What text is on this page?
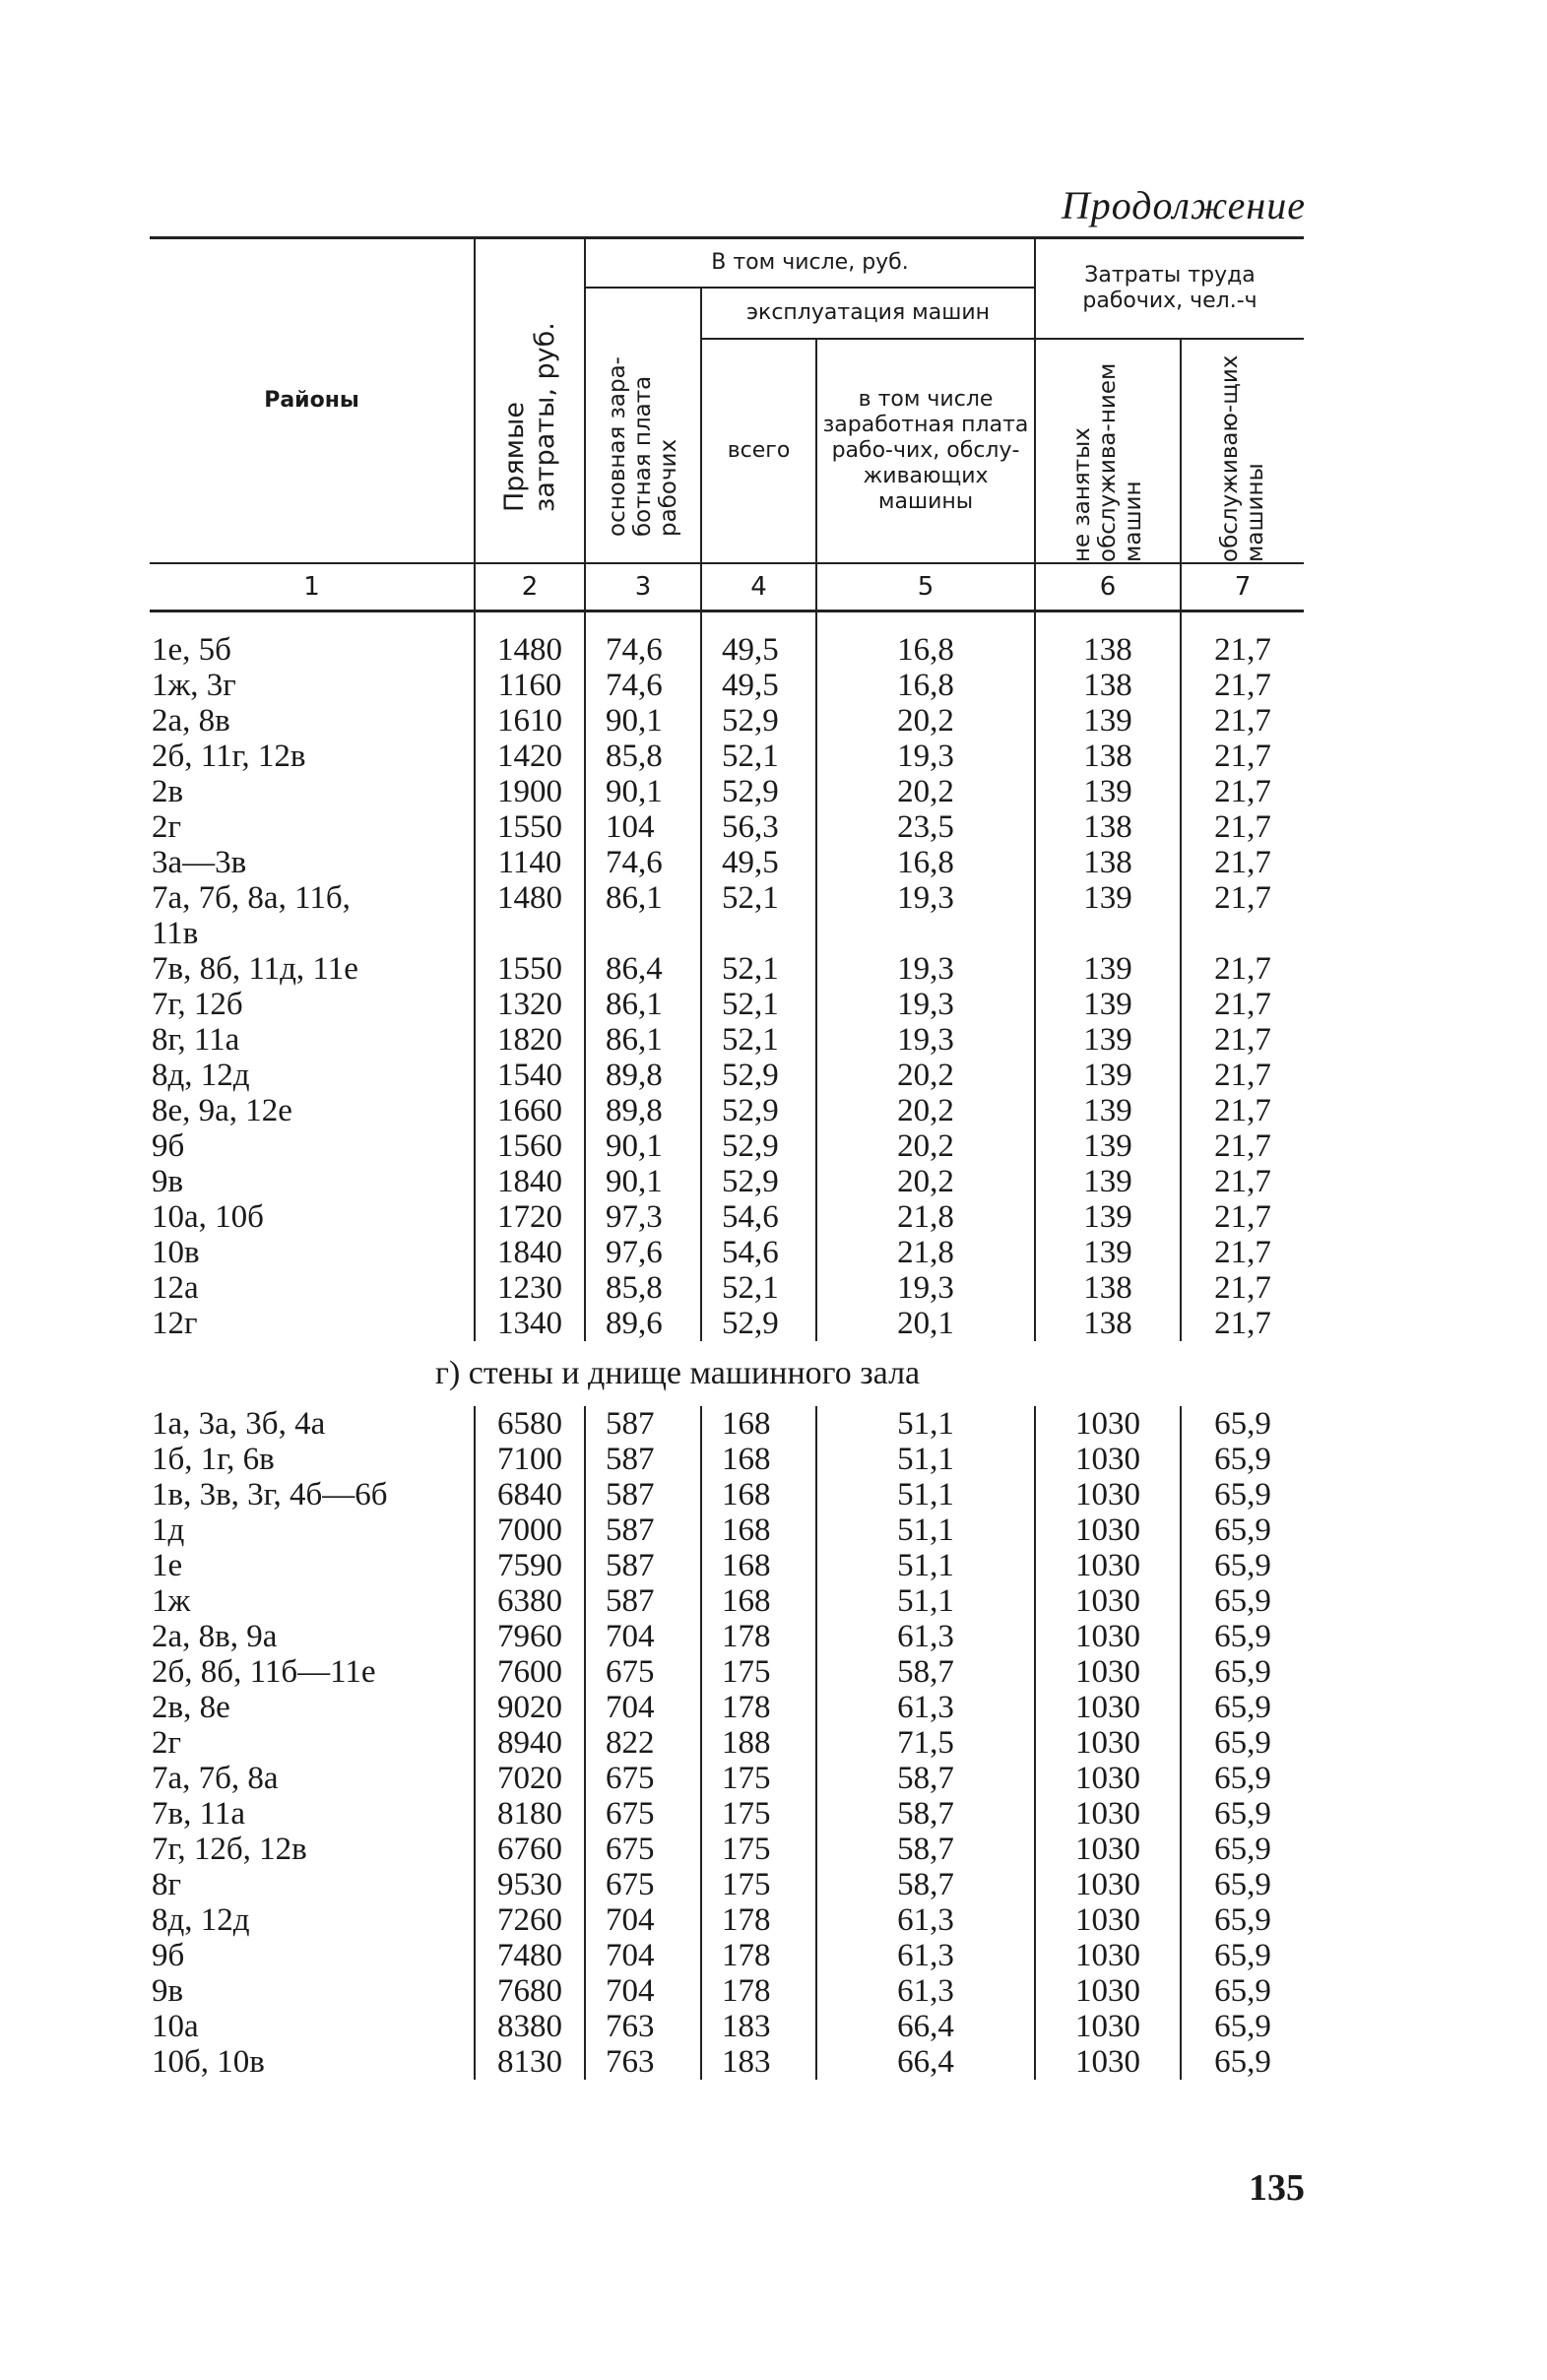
Продолжение
Районы	Прямые затраты, руб.	В том числе, руб.			Затраты труда рабочих, чел.-ч	

		основная зара-ботная плата рабочих	эксплуатация машин			
			всего	в том числе заработная плата рабо-чих, обслу-живающих машины	не занятых обслужива-нием машин	обслуживаю-щих машины

1	2	3	4	5	6	7

1е, 5б	1480	74,6	49,5	16,8	138	21,7
1ж, 3г	1160	74,6	49,5	16,8	138	21,7
2а, 8в	1610	90,1	52,9	20,2	139	21,7
2б, 11г, 12в	1420	85,8	52,1	19,3	138	21,7
2в	1900	90,1	52,9	20,2	139	21,7
2г	1550	104	56,3	23,5	138	21,7
3а—3в	1140	74,6	49,5	16,8	138	21,7
7а, 7б, 8а, 11б,	1480	86,1	52,1	19,3	139	21,7
11в						
7в, 8б, 11д, 11е	1550	86,4	52,1	19,3	139	21,7
7г, 12б	1320	86,1	52,1	19,3	139	21,7
8г, 11а	1820	86,1	52,1	19,3	139	21,7
8д, 12д	1540	89,8	52,9	20,2	139	21,7
8е, 9а, 12е	1660	89,8	52,9	20,2	139	21,7
9б	1560	90,1	52,9	20,2	139	21,7
9в	1840	90,1	52,9	20,2	139	21,7
10а, 10б	1720	97,3	54,6	21,8	139	21,7
10в	1840	97,6	54,6	21,8	139	21,7
12а	1230	85,8	52,1	19,3	138	21,7
12г	1340	89,6	52,9	20,1	138	21,7
г) стены и днище машинного зала						
1а, 3а, 3б, 4а	6580	587	168	51,1	1030	65,9
1б, 1г, 6в	7100	587	168	51,1	1030	65,9
1в, 3в, 3г, 4б—6б	6840	587	168	51,1	1030	65,9
1д	7000	587	168	51,1	1030	65,9
1е	7590	587	168	51,1	1030	65,9
1ж	6380	587	168	51,1	1030	65,9
2а, 8в, 9а	7960	704	178	61,3	1030	65,9
2б, 8б, 11б—11е	7600	675	175	58,7	1030	65,9
2в, 8е	9020	704	178	61,3	1030	65,9
2г	8940	822	188	71,5	1030	65,9
7а, 7б, 8а	7020	675	175	58,7	1030	65,9
7в, 11а	8180	675	175	58,7	1030	65,9
7г, 12б, 12в	6760	675	175	58,7	1030	65,9
8г	9530	675	175	58,7	1030	65,9
8д, 12д	7260	704	178	61,3	1030	65,9
9б	7480	704	178	61,3	1030	65,9
9в	7680	704	178	61,3	1030	65,9
10а	8380	763	183	66,4	1030	65,9
10б, 10в	8130	763	183	66,4	1030	65,9
135
